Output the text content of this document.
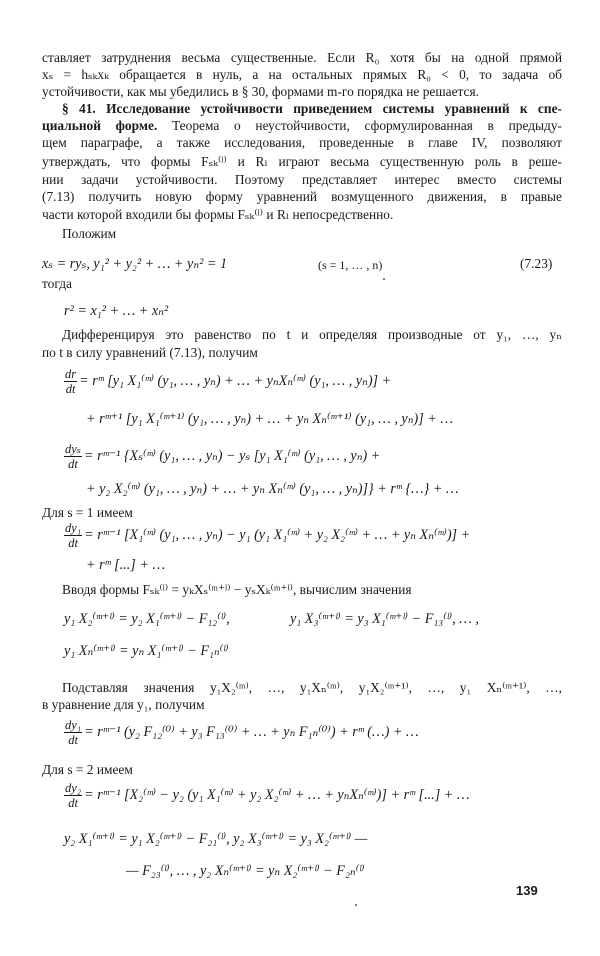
ставляет затруднения весьма существенные. Если R₀ хотя бы на одной прямой
xₛ = hₛₖxₖ обращается в нуль, а на остальных прямых R₀ < 0, то задача об
устойчивости, как мы убедились в § 30, формами m-го порядка не решается.
§ 41. Исследование устойчивости приведением системы уравнений к спе-
циальной форме. Теорема о неустойчивости, сформулированная в предыду-
щем параграфе, а также исследования, проведенные в главе IV, позволяют
утверждать, что формы Fₛₖ⁽ˡ⁾ и Rₗ играют весьма существенную роль в реше-
нии задачи устойчивости. Поэтому представляет интерес вместо системы
(7.13) получить новую форму уравнений возмущенного движения, в правые
части которой входили бы формы Fₛₖ⁽ˡ⁾ и Rₗ непосредственно.
Положим
xₛ = ryₛ, y₁² + y₂² + … + yₙ² = 1	(s = 1, … , n)	(7.23)
тогда
r² = x₁² + … + xₙ²
Дифференцируя это равенство по t и определяя производные от y₁, …, yₙ
по t в силу уравнений (7.13), получим
$\frac{dr}{dt}$ = rᵐ [y₁ X₁⁽ᵐ⁾ (y₁, … , yₙ) + … + yₙXₙ⁽ᵐ⁾ (y₁, … , yₙ)] +
+ rᵐ⁺¹ [y₁ X₁⁽ᵐ⁺¹⁾ (y₁, … , yₙ) + … + yₙ Xₙ⁽ᵐ⁺¹⁾ (y₁, … , yₙ)] + …
$\frac{\text{dyₛ}}{dt}$ = rᵐ⁻¹ {Xₛ⁽ᵐ⁾ (y₁, … , yₙ) − yₛ [y₁ X₁⁽ᵐ⁾ (y₁, … , yₙ) +
+ y₂ X₂⁽ᵐ⁾ (y₁, … , yₙ) + … + yₙ Xₙ⁽ᵐ⁾ (y₁, … , yₙ)]} + rᵐ {…} + …
Для s = 1 имеем
$\frac{\text{dy₁}}{dt}$ = rᵐ⁻¹ [X₁⁽ᵐ⁾ (y₁, … , yₙ) − y₁ (y₁ X₁⁽ᵐ⁾ + y₂ X₂⁽ᵐ⁾ + … + yₙ Xₙ⁽ᵐ⁾)] +
+ rᵐ [...] + …
Вводя формы Fₛₖ⁽ˡ⁾ = yₖXₛ⁽ᵐ⁺ˡ⁾ − yₛXₖ⁽ᵐ⁺ˡ⁾, вычислим значения
y₁ X₂⁽ᵐ⁺ˡ⁾ = y₂ X₁⁽ᵐ⁺ˡ⁾ − F₁₂⁽ˡ⁾,	y₁ X₃⁽ᵐ⁺ˡ⁾ = y₃ X₁⁽ᵐ⁺ˡ⁾ − F₁₃⁽ˡ⁾, … ,
y₁ Xₙ⁽ᵐ⁺ˡ⁾ = yₙ X₁⁽ᵐ⁺ˡ⁾ − F₁ₙ⁽ˡ⁾
Подставляя значения y₁X₂⁽ᵐ⁾, …, y₁Xₙ⁽ᵐ⁾, y₁X₂⁽ᵐ⁺¹⁾, …, y₁ Xₙ⁽ᵐ⁺¹⁾, …,
в уравнение для y₁, получим
$\frac{\text{dy₁}}{dt}$ = rᵐ⁻¹ (y₂ F₁₂⁽⁰⁾ + y₃ F₁₃⁽⁰⁾ + … + yₙ F₁ₙ⁽⁰⁾) + rᵐ (…) + …
Для s = 2 имеем
$\frac{\text{dy₂}}{dt}$ = rᵐ⁻¹ [X₂⁽ᵐ⁾ − y₂ (y₁ X₁⁽ᵐ⁾ + y₂ X₂⁽ᵐ⁾ + … + yₙXₙ⁽ᵐ⁾)] + rᵐ [...] + …
y₂ X₁⁽ᵐ⁺ˡ⁾ = y₁ X₂⁽ᵐ⁺ˡ⁾ − F₂₁⁽ˡ⁾, y₂ X₃⁽ᵐ⁺ˡ⁾ = y₃ X₂⁽ᵐ⁺ˡ⁾ —
— F₂₃⁽ˡ⁾, … , y₂ Xₙ⁽ᵐ⁺ˡ⁾ = yₙ X₂⁽ᵐ⁺ˡ⁾ − F₂ₙ⁽ˡ⁾
139
